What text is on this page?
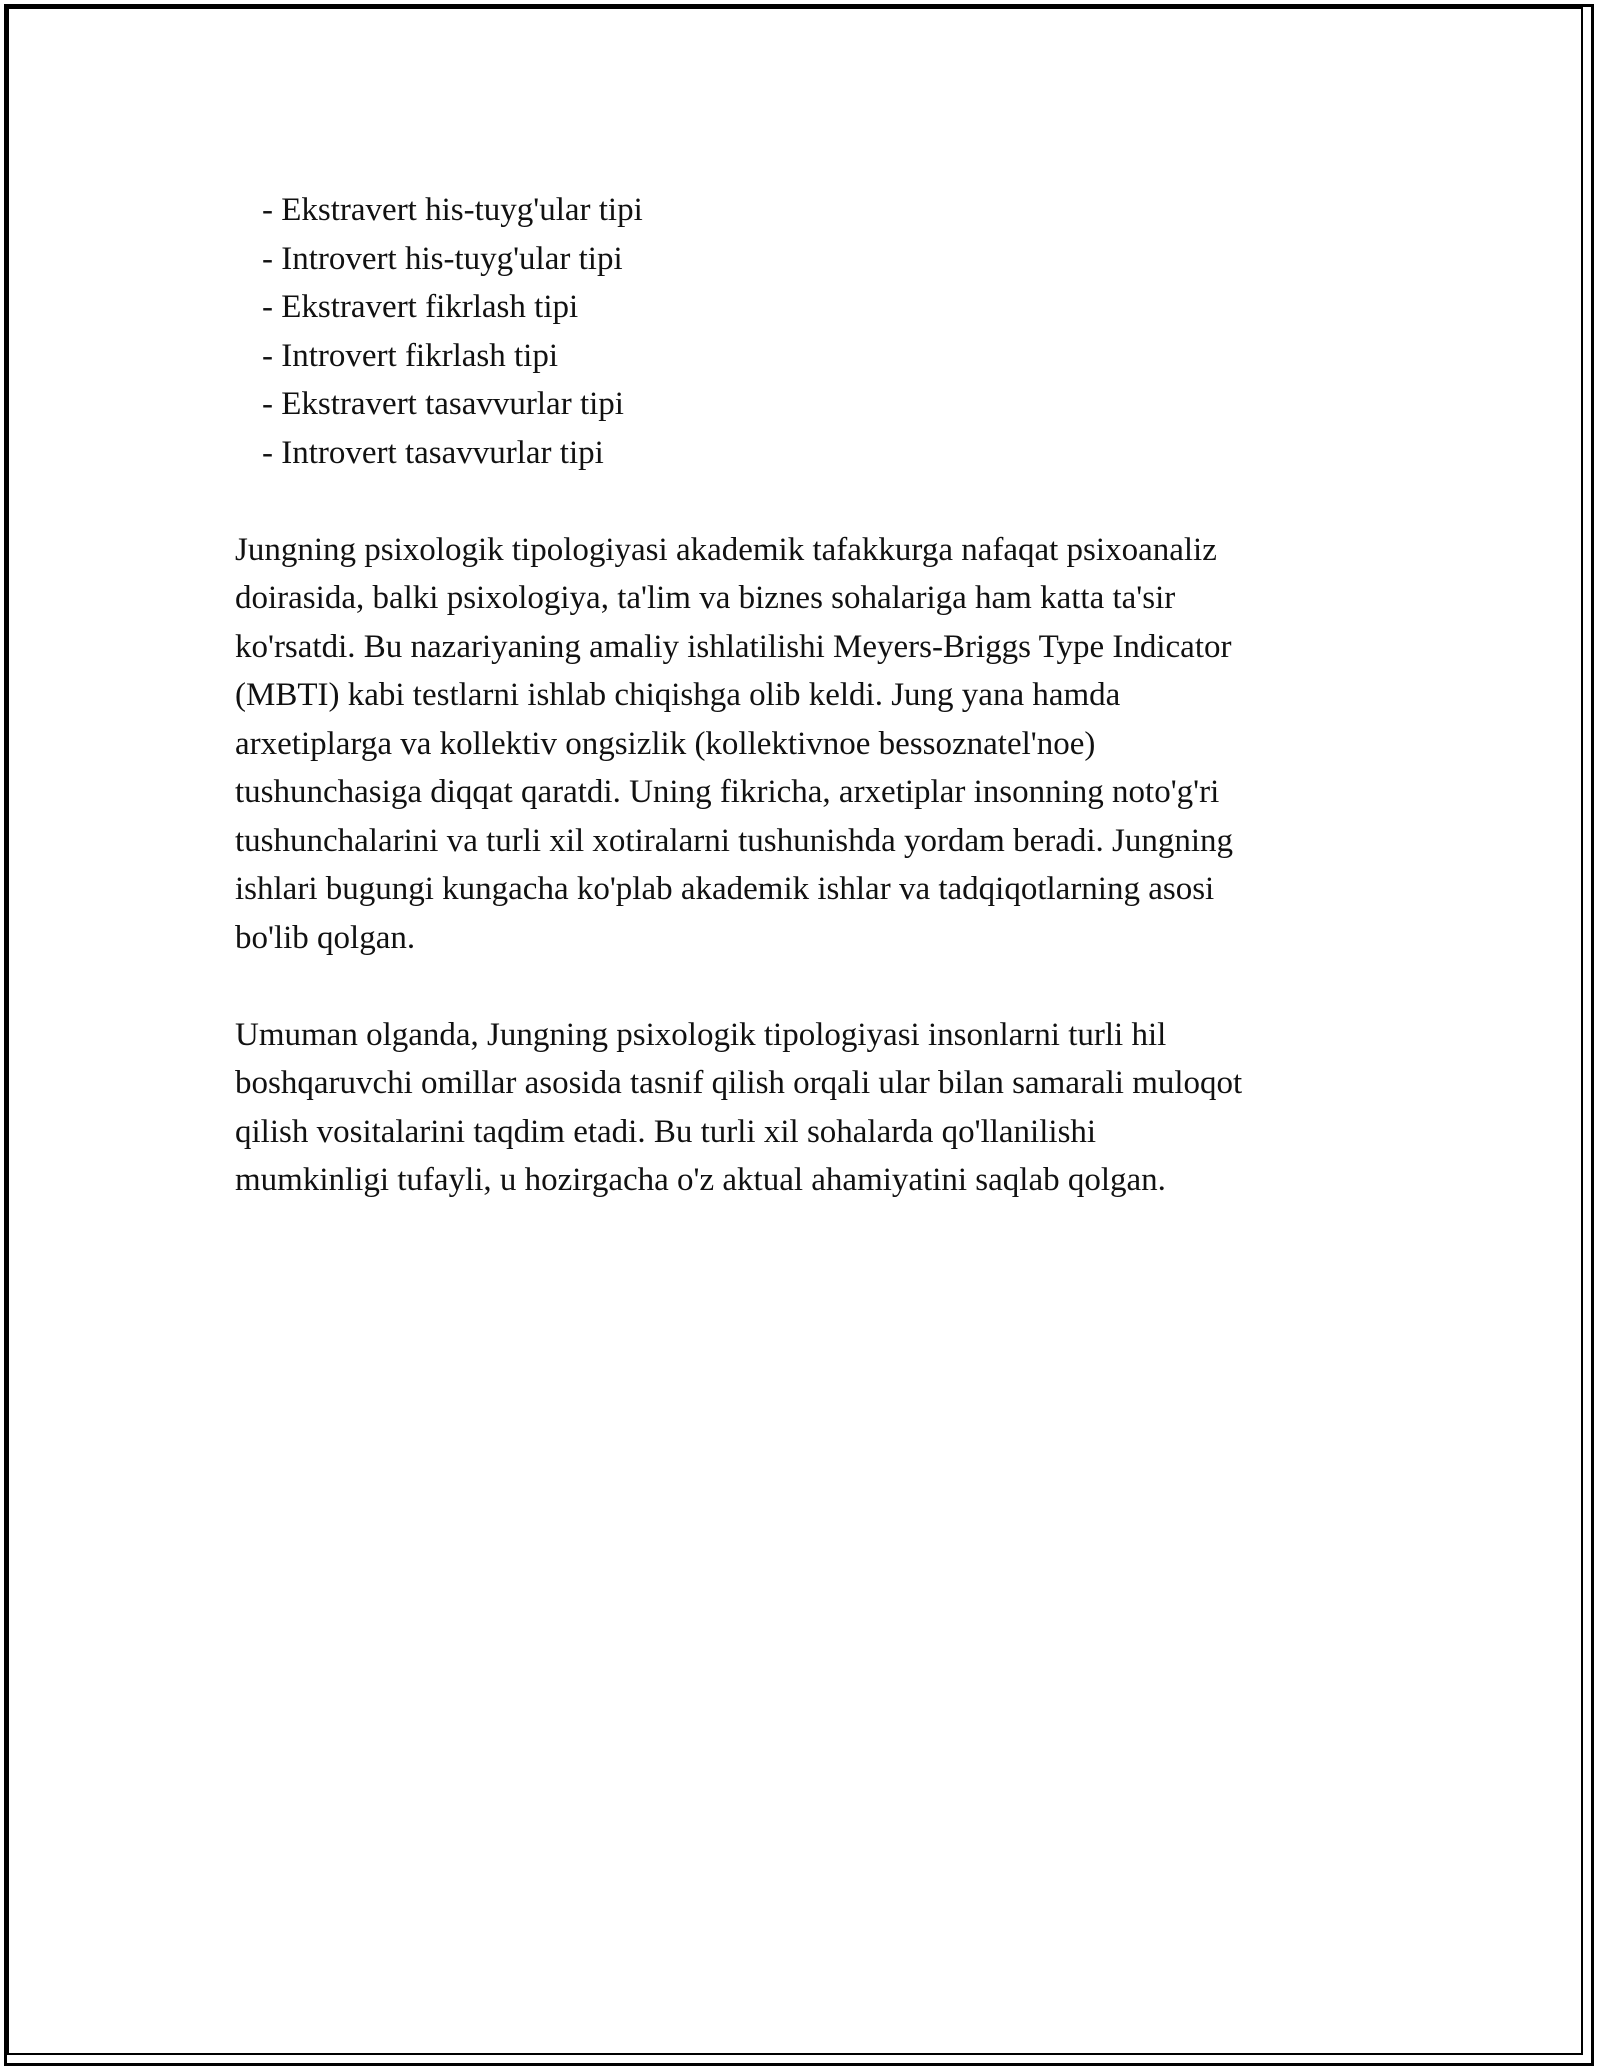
- Ekstravert his-tuyg'ular tipi
- Introvert his-tuyg'ular tipi
- Ekstravert fikrlash tipi
- Introvert fikrlash tipi
- Ekstravert tasavvurlar tipi
- Introvert tasavvurlar tipi

Jungning psixologik tipologiyasi akademik tafakkurga nafaqat psixoanaliz
doirasida, balki psixologiya, ta'lim va biznes sohalariga ham katta ta'sir
ko'rsatdi. Bu nazariyaning amaliy ishlatilishi Meyers-Briggs Type Indicator
(MBTI) kabi testlarni ishlab chiqishga olib keldi. Jung yana hamda
arxetiplarga va kollektiv ongsizlik (kollektivnoe bessoznatel'noe)
tushunchasiga diqqat qaratdi. Uning fikricha, arxetiplar insonning noto'g'ri
tushunchalarini va turli xil xotiralarni tushunishda yordam beradi. Jungning
ishlari bugungi kungacha ko'plab akademik ishlar va tadqiqotlarning asosi
bo'lib qolgan.

Umuman olganda, Jungning psixologik tipologiyasi insonlarni turli hil
boshqaruvchi omillar asosida tasnif qilish orqali ular bilan samarali muloqot
qilish vositalarini taqdim etadi. Bu turli xil sohalarda qo'llanilishi
mumkinligi tufayli, u hozirgacha o'z aktual ahamiyatini saqlab qolgan.
